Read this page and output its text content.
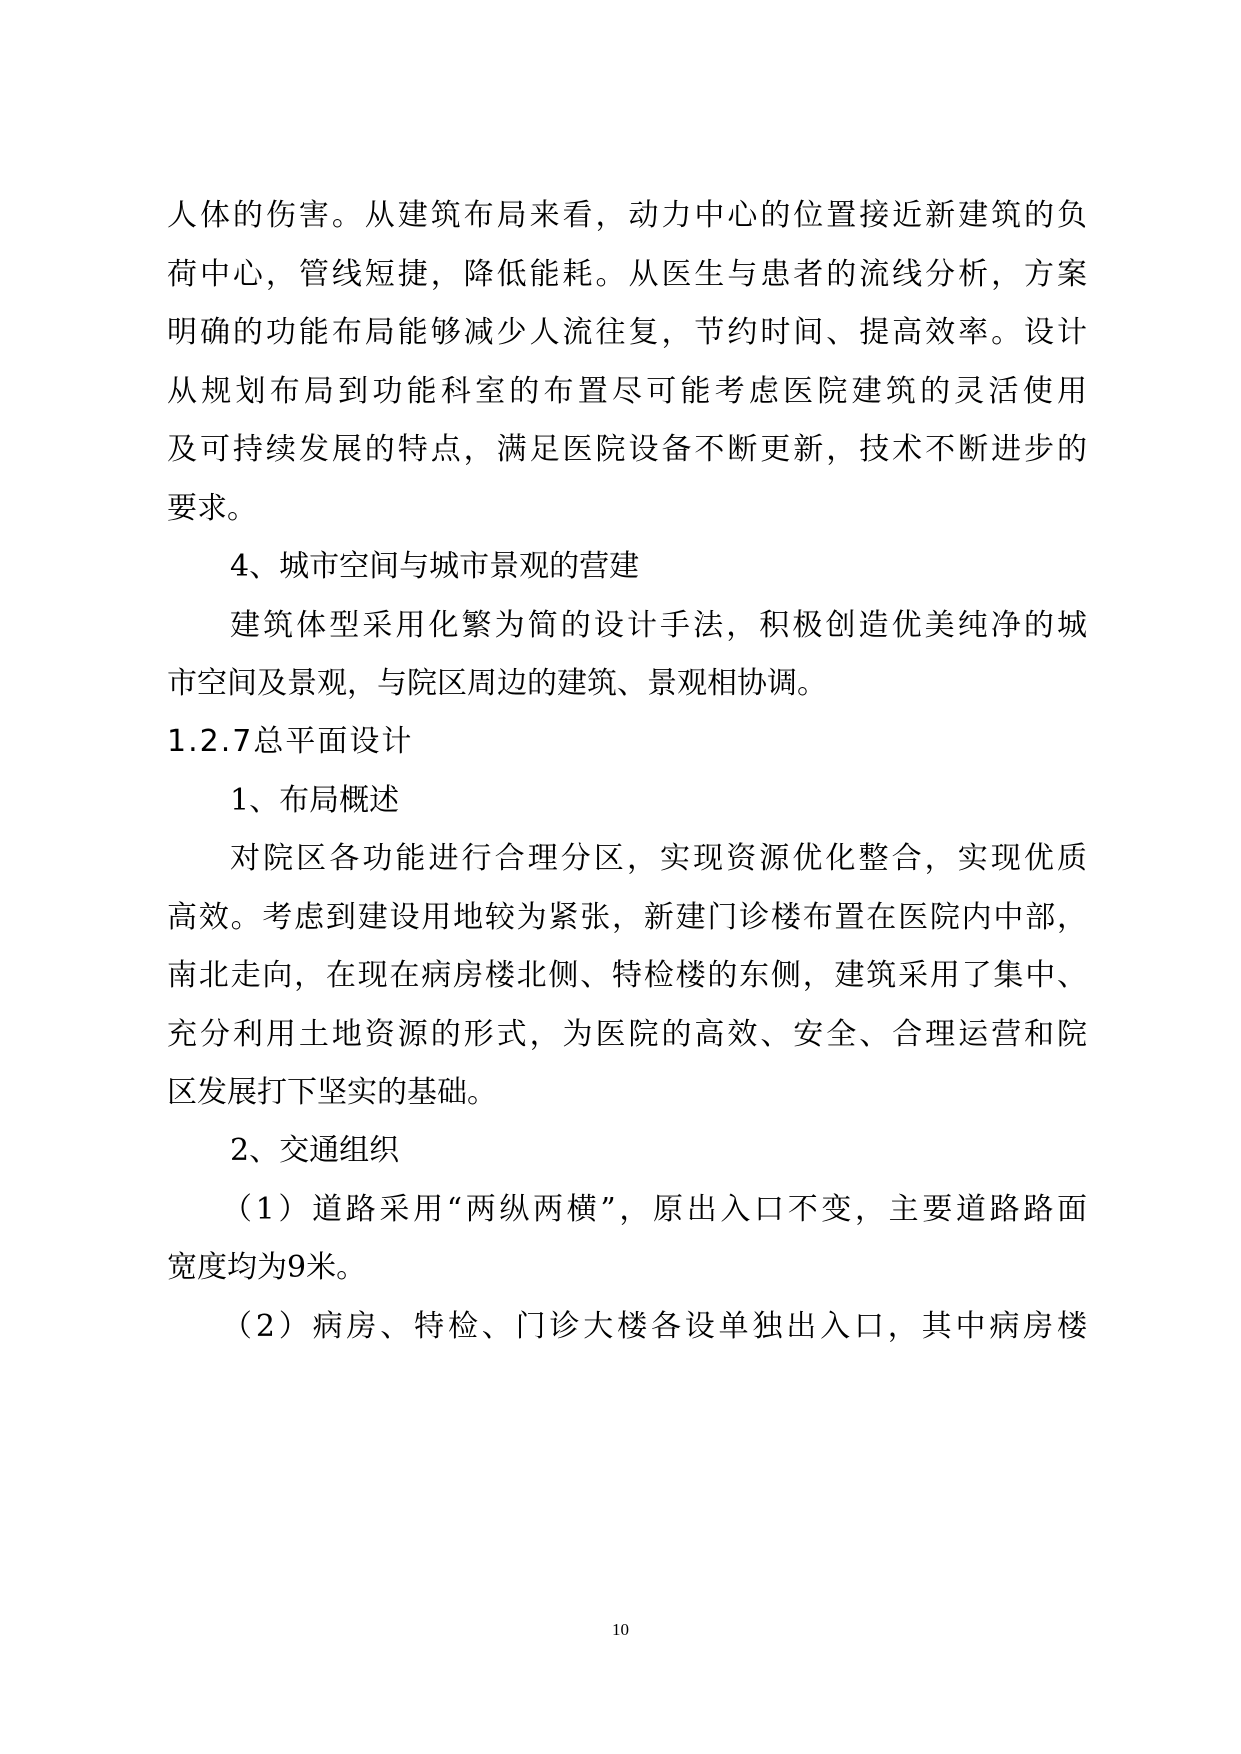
人体的伤害。从建筑布局来看，动力中心的位置接近新建筑的负
荷中心，管线短捷，降低能耗。从医生与患者的流线分析，方案
明确的功能布局能够减少人流往复，节约时间、提高效率。设计
从规划布局到功能科室的布置尽可能考虑医院建筑的灵活使用
及可持续发展的特点，满足医院设备不断更新，技术不断进步的
要求。
4、城市空间与城市景观的营建
建筑体型采用化繁为简的设计手法，积极创造优美纯净的城
市空间及景观，与院区周边的建筑、景观相协调。
1.2.7总平面设计
1、布局概述
对院区各功能进行合理分区，实现资源优化整合，实现优质
高效。考虑到建设用地较为紧张，新建门诊楼布置在医院内中部，
南北走向，在现在病房楼北侧、特检楼的东侧，建筑采用了集中、
充分利用土地资源的形式，为医院的高效、安全、合理运营和院
区发展打下坚实的基础。
2、交通组织
（1）道路采用“两纵两横”，原出入口不变，主要道路路面
宽度均为9米。
（2）病房、特检、门诊大楼各设单独出入口，其中病房楼
10
